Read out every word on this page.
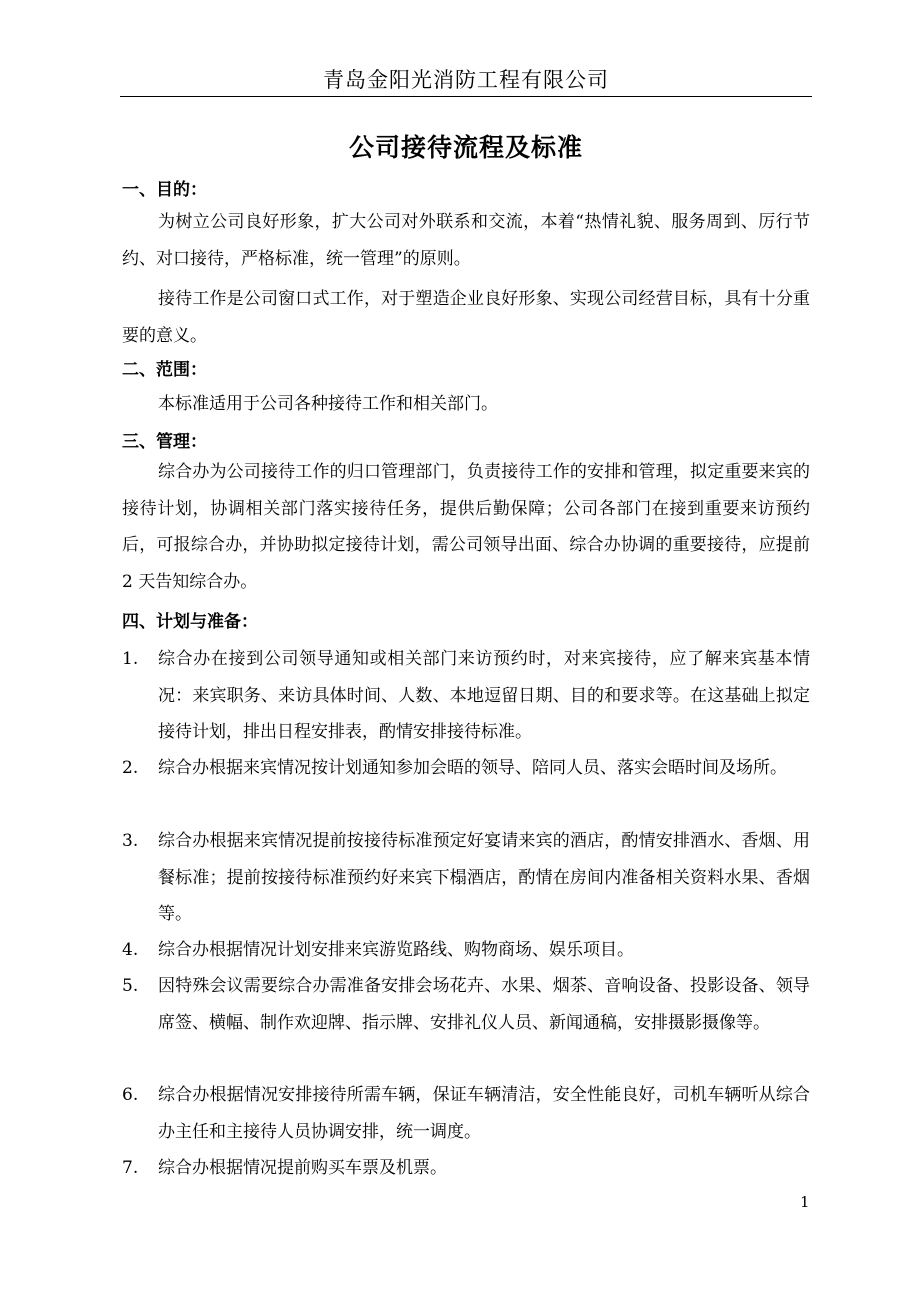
青岛金阳光消防工程有限公司
公司接待流程及标准
一、目的：

为树立公司良好形象，扩大公司对外联系和交流，本着“热情礼貌、服务周到、厉行节约、对口接待，严格标准，统一管理”的原则。

接待工作是公司窗口式工作，对于塑造企业良好形象、实现公司经营目标，具有十分重要的意义。

二、范围：

本标准适用于公司各种接待工作和相关部门。

三、管理：

综合办为公司接待工作的归口管理部门，负责接待工作的安排和管理，拟定重要来宾的接待计划，协调相关部门落实接待任务，提供后勤保障；公司各部门在接到重要来访预约后，可报综合办，并协助拟定接待计划，需公司领导出面、综合办协调的重要接待，应提前 2 天告知综合办。

四、计划与准备：
1.	综合办在接到公司领导通知或相关部门来访预约时，对来宾接待，应了解来宾基本情况：来宾职务、来访具体时间、人数、本地逗留日期、目的和要求等。在这基础上拟定接待计划，排出日程安排表，酌情安排接待标准。
2.	综合办根据来宾情况按计划通知参加会晤的领导、陪同人员、落实会晤时间及场所。
3.	综合办根据来宾情况提前按接待标准预定好宴请来宾的酒店，酌情安排酒水、香烟、用餐标准；提前按接待标准预约好来宾下榻酒店，酌情在房间内准备相关资料水果、香烟等。
4.	综合办根据情况计划安排来宾游览路线、购物商场、娱乐项目。
5.	因特殊会议需要综合办需准备安排会场花卉、水果、烟茶、音响设备、投影设备、领导席签、横幅、制作欢迎牌、指示牌、安排礼仪人员、新闻通稿，安排摄影摄像等。
6.	综合办根据情况安排接待所需车辆，保证车辆清洁，安全性能良好，司机车辆听从综合办主任和主接待人员协调安排，统一调度。
7.	综合办根据情况提前购买车票及机票。
1
